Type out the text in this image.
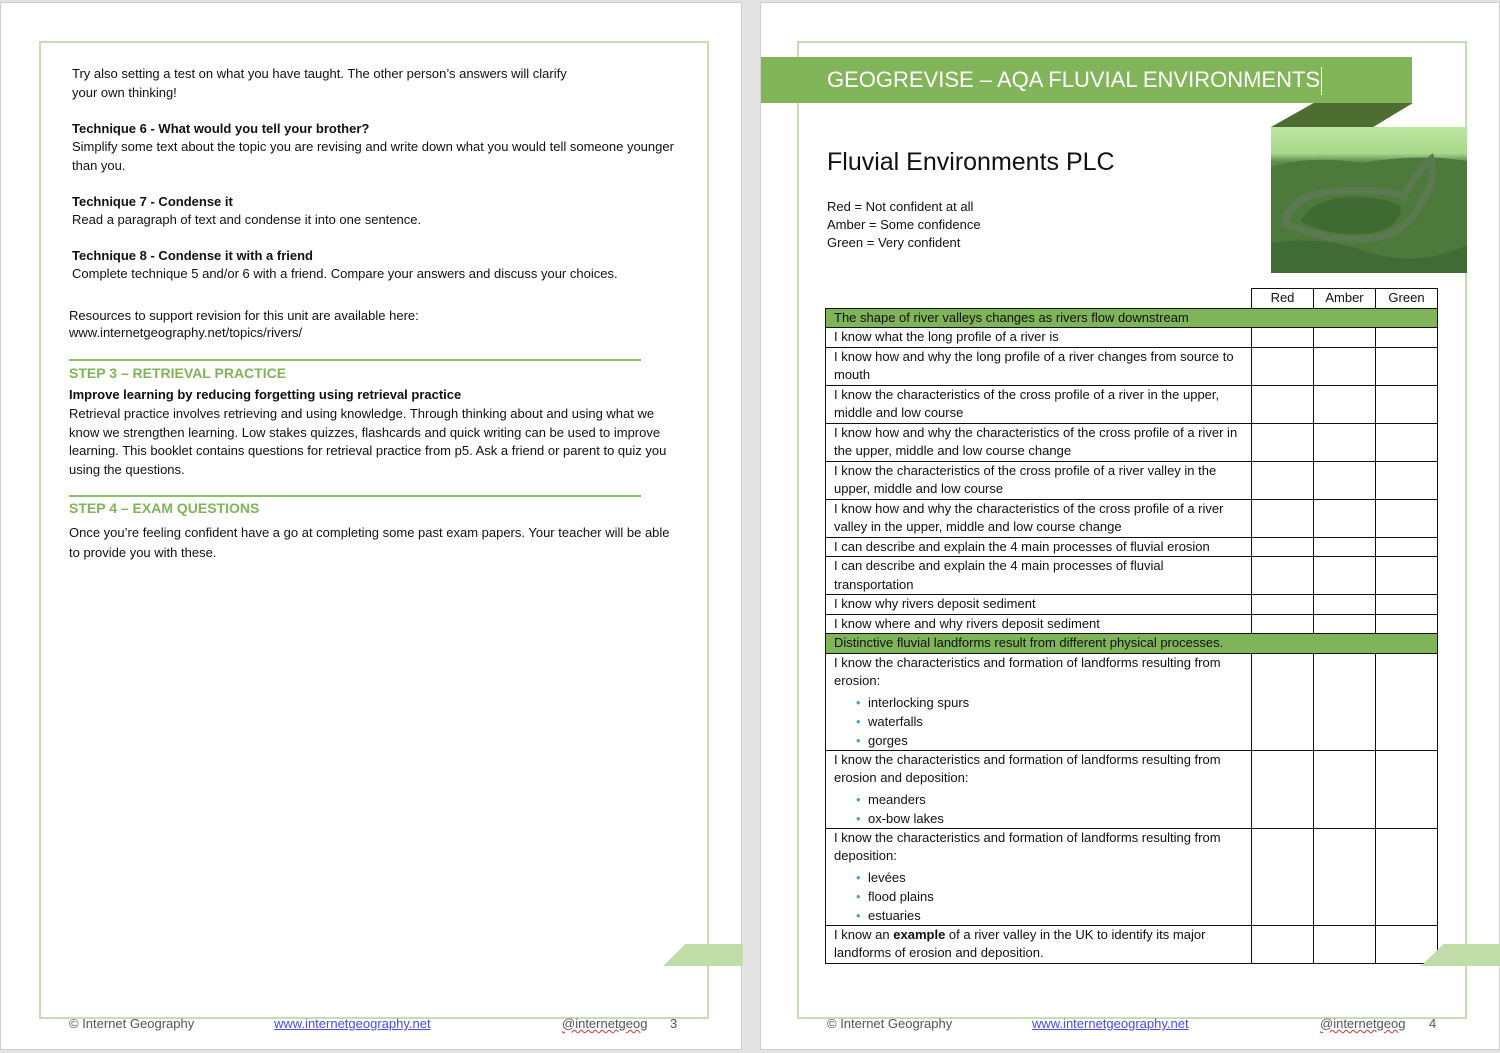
Try also setting a test on what you have taught. The other person’s answers will clarify your own thinking!
Technique 6 - What would you tell your brother?
Simplify some text about the topic you are revising and write down what you would tell someone younger than you.
Technique 7 - Condense it
Read a paragraph of text and condense it into one sentence.
Technique 8 - Condense it with a friend
Complete technique 5 and/or 6 with a friend. Compare your answers and discuss your choices.
Resources to support revision for this unit are available here:
www.internetgeography.net/topics/rivers/
STEP 3 – RETRIEVAL PRACTICE
Improve learning by reducing forgetting using retrieval practice
Retrieval practice involves retrieving and using knowledge. Through thinking about and using what we know we strengthen learning. Low stakes quizzes, flashcards and quick writing can be used to improve learning. This booklet contains questions for retrieval practice from p5. Ask a friend or parent to quiz you using the questions.
STEP 4 – EXAM QUESTIONS
Once you’re feeling confident have a go at completing some past exam papers. Your teacher will be able to provide you with these.
© Internet Geography	www.internetgeography.net	@internetgeog 3
GEOGREVISE – AQA FLUVIAL ENVIRONMENTS
Fluvial Environments PLC
Red = Not confident at all
Amber = Some confidence
Green = Very confident
	Red	Amber	Green
The shape of river valleys changes as rivers flow downstream			
I know what the long profile of a river is			
I know how and why the long profile of a river changes from source to mouth			
I know the characteristics of the cross profile of a river in the upper, middle and low course			
I know how and why the characteristics of the cross profile of a river in the upper, middle and low course change			
I know the characteristics of the cross profile of a river valley in the upper, middle and low course			
I know how and why the characteristics of the cross profile of a river valley in the upper, middle and low course change			
I can describe and explain the 4 main processes of fluvial erosion			
I can describe and explain the 4 main processes of fluvial transportation			
I know why rivers deposit sediment			
I know where and why rivers deposit sediment			
Distinctive fluvial landforms result from different physical processes.			

I know the characteristics and formation of landforms resulting from erosion:
• interlocking spurs
• waterfalls
• gorges

I know the characteristics and formation of landforms resulting from erosion and deposition:
• meanders
• ox-bow lakes

I know the characteristics and formation of landforms resulting from deposition:
• levées
• flood plains
• estuaries

I know an example of a river valley in the UK to identify its major landforms of erosion and deposition.			
© Internet Geography	www.internetgeography.net	@internetgeog 4
